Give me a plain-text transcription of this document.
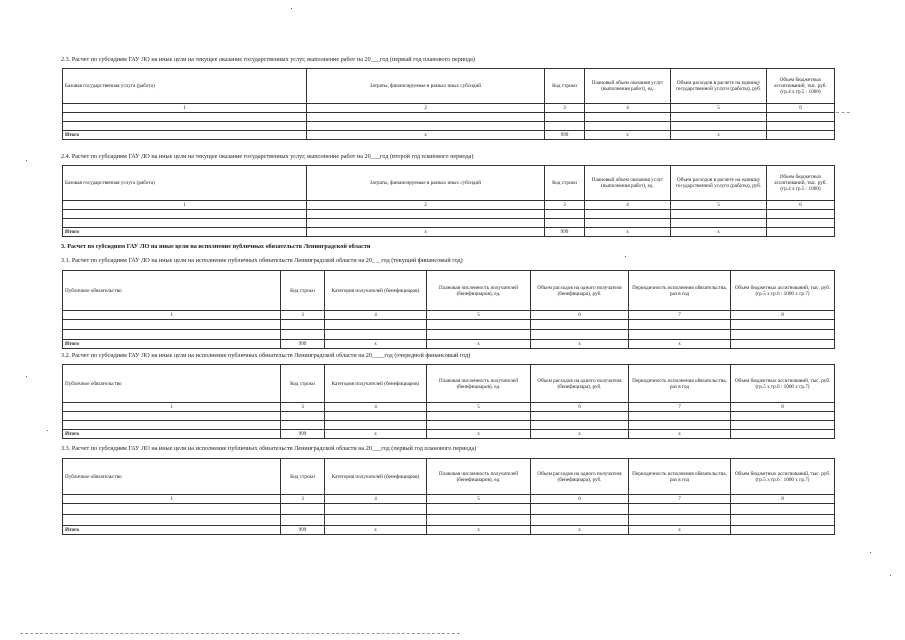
2.3. Расчет по субсидиям ГАУ ЛО на иные цели на текущее оказание государственных услуг, выполнение работ на 20___год (первый год планового периода)
Базовая государственная услуга (работа)	Затраты, финансируемые в рамках иных субсидий	Код строки	Плановый объем оказания услуг (выполнения работ), ед.	Объем расходов в расчете на единицу государственной услуги (работы), руб.	Объем бюджетных ассигнований, тыс. руб. (гр.4 х гр.5 : 1000)
1	2	3	4	5	6

Итого	х	999	х	х	
2.4. Расчет по субсидиям ГАУ ЛО на иные цели на текущее оказание государственных услуг, выполнение работ на 20___год (второй год планового периода)
Базовая государственная услуга (работа)	Затраты, финансируемые в рамках иных субсидий	Код строки	Плановый объем оказания услуг (выполнения работ), ед.	Объем расходов в расчете на единицу государственной услуги (работы), руб.	Объем бюджетных ассигнований, тыс. руб. (гр.4 х гр.5 : 1000)
1	2	3	4	5	6

Итого	х	999	х	х	
3. Расчет по субсидиям ГАУ ЛО на иные цели на исполнение публичных обязательств Ленинградской области
3.1. Расчет по субсидиям ГАУ ЛО на иные цели на исполнение публичных обязательств Ленинградской области на 20_ _ год (текущий финансовый год)
Публичное обязательство	Код строки	Категория получателей (бенефициаров)	Плановая численность получателей (бенефициаров), ед.	Объем расходов на одного получателя (бенефициара), руб.	Периодичность исполнения обязательства, раз в год	Объем бюджетных ассигнований, тыс. руб. (гр.5 х гр.6 : 1000 х гр.7)
1	3	4	5	6	7	8

Итого	999	х	х	х	х	
3.2. Расчет по субсидиям ГАУ ЛО на иные цели на исполнение публичных обязательств Ленинградской области на 20____год (очередной финансовый год)
Публичное обязательство	Код строки	Категория получателей (бенефициаров)	Плановая численность получателей (бенефициаров), ед.	Объем расходов на одного получателя (бенефициара), руб.	Периодичность исполнения обязательства, раз в год	Объем бюджетных ассигнований, тыс. руб. (гр.5 х гр.6 : 1000 х гр.7)
1	3	4	5	6	7	8

Итого	999	х	х	х	х	
3.3. Расчет по субсидиям ГАУ ЛО на иные цели на исполнение публичных обязательств Ленинградской области на 20___год (первый год планового периода)
Публичное обязательство	Код строки	Категория получателей (бенефициаров)	Плановая численность получателей (бенефициаров), ед.	Объем расходов на одного получателя (бенефициара), руб.	Периодичность исполнения обязательства, раз в год	Объем бюджетных ассигнований, тыс. руб. (гр.5 х гр.6 : 1000 х гр.7)
1	3	4	5	6	7	8

Итого	999	х	х	х	х	
